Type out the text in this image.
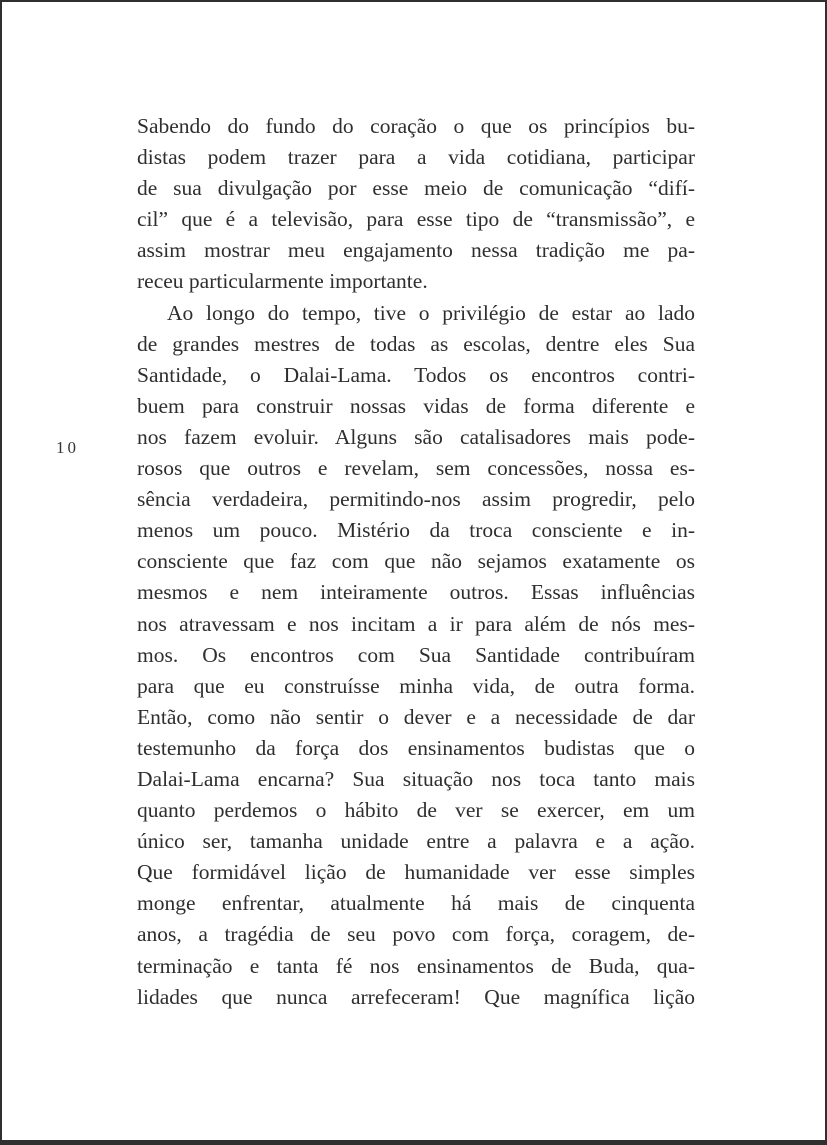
10
Sabendo do fundo do coração o que os princípios bu-
distas podem trazer para a vida cotidiana, participar
de sua divulgação por esse meio de comunicação “difí-
cil” que é a televisão, para esse tipo de “transmissão”, e
assim mostrar meu engajamento nessa tradição me pa-
receu particularmente importante.
Ao longo do tempo, tive o privilégio de estar ao lado
de grandes mestres de todas as escolas, dentre eles Sua
Santidade, o Dalai-Lama. Todos os encontros contri-
buem para construir nossas vidas de forma diferente e
nos fazem evoluir. Alguns são catalisadores mais pode-
rosos que outros e revelam, sem concessões, nossa es-
sência verdadeira, permitindo-nos assim progredir, pelo
menos um pouco. Mistério da troca consciente e in-
consciente que faz com que não sejamos exatamente os
mesmos e nem inteiramente outros. Essas influências
nos atravessam e nos incitam a ir para além de nós mes-
mos. Os encontros com Sua Santidade contribuíram
para que eu construísse minha vida, de outra forma.
Então, como não sentir o dever e a necessidade de dar
testemunho da força dos ensinamentos budistas que o
Dalai-Lama encarna? Sua situação nos toca tanto mais
quanto perdemos o hábito de ver se exercer, em um
único ser, tamanha unidade entre a palavra e a ação.
Que formidável lição de humanidade ver esse simples
monge enfrentar, atualmente há mais de cinquenta
anos, a tragédia de seu povo com força, coragem, de-
terminação e tanta fé nos ensinamentos de Buda, qua-
lidades que nunca arrefeceram! Que magnífica lição
